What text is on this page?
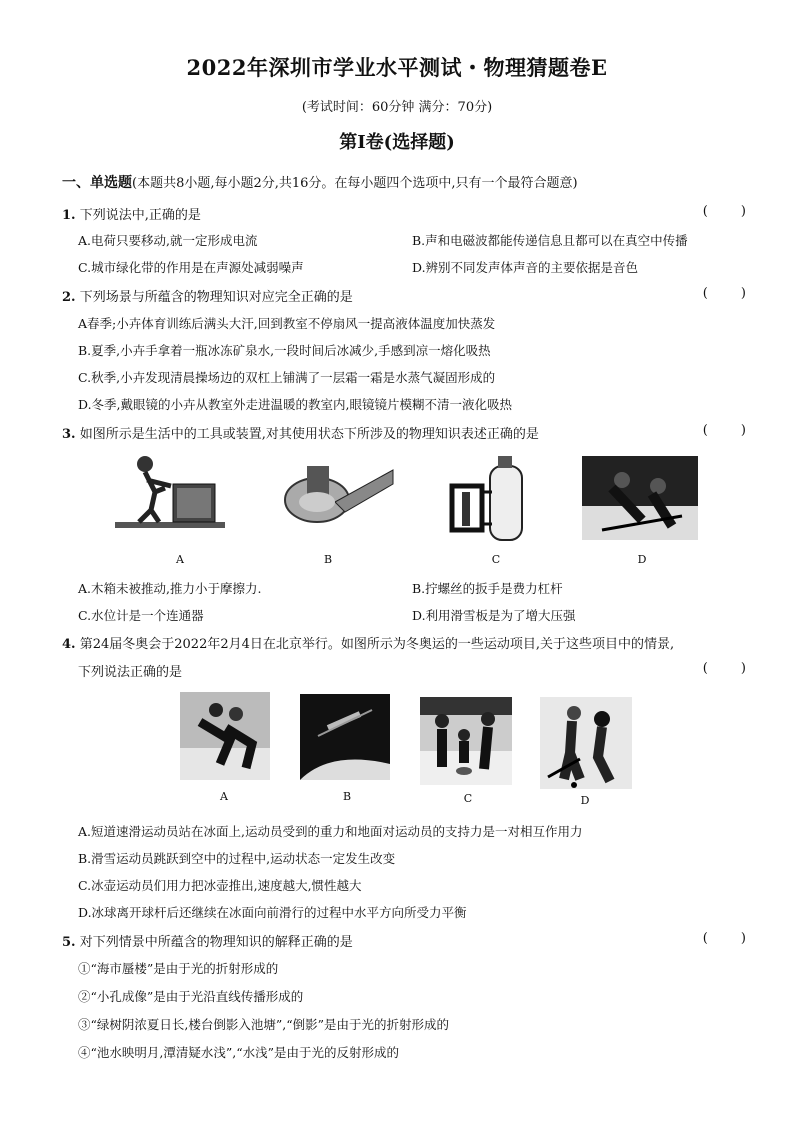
2022年深圳市学业水平测试・物理猜题卷E
(考试时间：60分钟 满分：70分)
第Ⅰ卷(选择题)
一、单选题(本题共8小题,每小题2分,共16分。在每小题四个选项中,只有一个最符合题意)
1. 下列说法中,正确的是	(        )
A.电荷只要移动,就一定形成电流	B.声和电磁波都能传递信息且都可以在真空中传播
C.城市绿化带的作用是在声源处减弱噪声	D.辨别不同发声体声音的主要依据是音色
2. 下列场景与所蕴含的物理知识对应完全正确的是	(        )
A春季;小卉体育训练后满头大汗,回到教室不停扇风一提高液体温度加快蒸发
B.夏季,小卉手拿着一瓶冰冻矿泉水,一段时间后冰减少,手感到凉一熔化吸热
C.秋季,小卉发现清晨操场边的双杠上铺满了一层霜一霜是水蒸气凝固形成的
D.冬季,戴眼镜的小卉从教室外走进温暖的教室内,眼镜镜片模糊不清一液化吸热
3. 如图所示是生活中的工具或装置,对其使用状态下所涉及的物理知识表述正确的是	(        )
A	B	C	D
A.木箱未被推动,推力小于摩擦力.	B.拧螺丝的扳手是费力杠杆
C.水位计是一个连通器	D.利用滑雪板是为了增大压强
4. 第24届冬奥会于2022年2月4日在北京举行。如图所示为冬奥运的一些运动项目,关于这些项目中的情景,
下列说法正确的是	(        )
A	B	C	D
A.短道速滑运动员站在冰面上,运动员受到的重力和地面对运动员的支持力是一对相互作用力
B.滑雪运动员跳跃到空中的过程中,运动状态一定发生改变
C.冰壶运动员们用力把冰壶推出,速度越大,惯性越大
D.冰球离开球杆后还继续在冰面向前滑行的过程中水平方向所受力平衡
5. 对下列情景中所蕴含的物理知识的解释正确的是	(        )
①“海市蜃楼”是由于光的折射形成的
②“小孔成像”是由于光沿直线传播形成的
③“绿树阴浓夏日长,楼台倒影入池塘”,“倒影”是由于光的折射形成的
④“池水映明月,潭清疑水浅”,“水浅”是由于光的反射形成的
